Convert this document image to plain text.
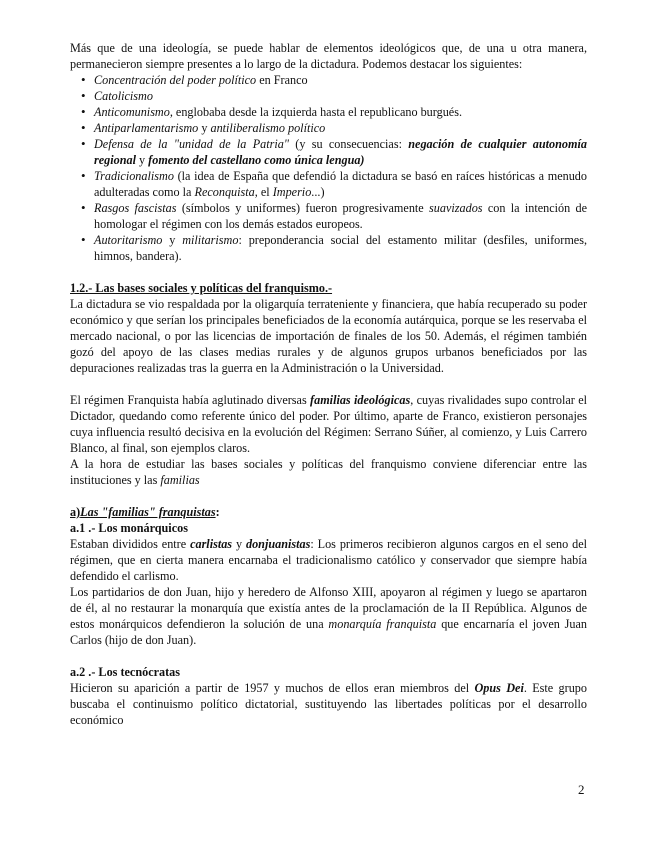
Más que de una ideología, se puede hablar de elementos ideológicos que, de una u otra manera, permanecieron siempre presentes a lo largo de la dictadura. Podemos destacar los siguientes:

• Concentración del poder político en Franco
• Catolicismo
• Anticomunismo, englobaba desde la izquierda hasta el republicano burgués.
• Antiparlamentarismo y antiliberalismo político
• Defensa de la "unidad de la Patria" (y su consecuencias: negación de cualquier autonomía regional y fomento del castellano como única lengua)
• Tradicionalismo (la idea de España que defendió la dictadura se basó en raíces históricas a menudo adulteradas como la Reconquista, el Imperio...)
• Rasgos fascistas (símbolos y uniformes) fueron progresivamente suavizados con la intención de homologar el régimen con los demás estados europeos.
• Autoritarismo y militarismo: preponderancia social del estamento militar (desfiles, uniformes, himnos, bandera).

1.2.- Las bases sociales y políticas del franquismo.-

La dictadura se vio respaldada por la oligarquía terrateniente y financiera, que había recuperado su poder económico y que serían los principales beneficiados de la economía autárquica, porque se les reservaba el mercado nacional, o por las licencias de importación de finales de los 50. Además, el régimen también gozó del apoyo de las clases medias rurales y de algunos grupos urbanos beneficiados por las depuraciones realizadas tras la guerra en la Administración o la Universidad.

El régimen Franquista había aglutinado diversas familias ideológicas, cuyas rivalidades supo controlar el Dictador, quedando como referente único del poder. Por último, aparte de Franco, existieron personajes cuya influencia resultó decisiva en la evolución del Régimen: Serrano Súñer, al comienzo, y Luis Carrero Blanco, al final, son ejemplos claros.

A la hora de estudiar las bases sociales y políticas del franquismo conviene diferenciar entre las instituciones y las familias

a)Las "familias" franquistas:

a.1 .- Los monárquicos

Estaban divididos entre carlistas y donjuanistas: Los primeros recibieron algunos cargos en el seno del régimen, que en cierta manera encarnaba el tradicionalismo católico y conservador que siempre había defendido el carlismo.

Los partidarios de don Juan, hijo y heredero de Alfonso XIII, apoyaron al régimen y luego se apartaron de él, al no restaurar la monarquía que existía antes de la proclamación de la II República. Algunos de estos monárquicos defendieron la solución de una monarquía franquista que encarnaría el joven Juan Carlos (hijo de don Juan).

a.2 .- Los tecnócratas

Hicieron su aparición a partir de 1957 y muchos de ellos eran miembros del Opus Dei. Este grupo buscaba el continuismo político dictatorial, sustituyendo las libertades políticas por el desarrollo económico

2
